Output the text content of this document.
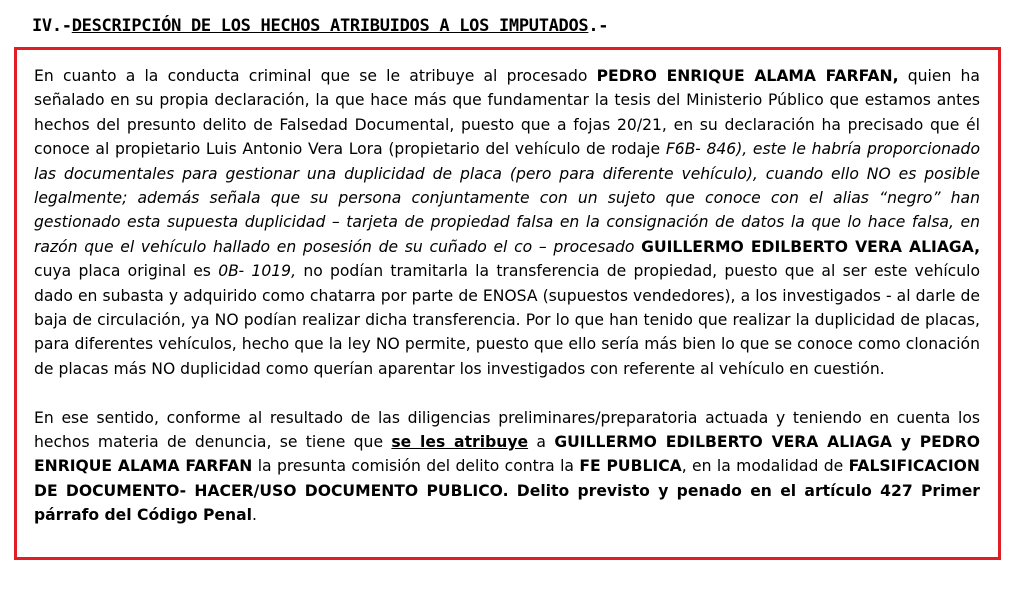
IV.-DESCRIPCIÓN DE LOS HECHOS ATRIBUIDOS A LOS IMPUTADOS.-

En cuanto a la conducta criminal que se le atribuye al procesado PEDRO ENRIQUE ALAMA FARFAN, quien ha señalado en su propia declaración, la que hace más que fundamentar la tesis del Ministerio Público que estamos antes hechos del presunto delito de Falsedad Documental, puesto que a fojas 20/21, en su declaración ha precisado que él conoce al propietario Luis Antonio Vera Lora (propietario del vehículo de rodaje F6B- 846), este le habría proporcionado las documentales para gestionar una duplicidad de placa (pero para diferente vehículo), cuando ello NO es posible legalmente; además señala que su persona conjuntamente con un sujeto que conoce con el alias “negro” han gestionado esta supuesta duplicidad – tarjeta de propiedad falsa en la consignación de datos la que lo hace falsa, en razón que el vehículo hallado en posesión de su cuñado el co – procesado GUILLERMO EDILBERTO VERA ALIAGA, cuya placa original es 0B- 1019, no podían tramitarla la transferencia de propiedad, puesto que al ser este vehículo dado en subasta y adquirido como chatarra por parte de ENOSA (supuestos vendedores), a los investigados - al darle de baja de circulación, ya NO podían realizar dicha transferencia. Por lo que han tenido que realizar la duplicidad de placas, para diferentes vehículos, hecho que la ley NO permite, puesto que ello sería más bien lo que se conoce como clonación de placas más NO duplicidad como querían aparentar los investigados con referente al vehículo en cuestión.

En ese sentido, conforme al resultado de las diligencias preliminares/preparatoria actuada y teniendo en cuenta los hechos materia de denuncia, se tiene que se les atribuye a GUILLERMO EDILBERTO VERA ALIAGA y PEDRO ENRIQUE ALAMA FARFAN la presunta comisión del delito contra la FE PUBLICA, en la modalidad de FALSIFICACION DE DOCUMENTO- HACER/USO DOCUMENTO PUBLICO. Delito previsto y penado en el artículo 427 Primer párrafo del Código Penal.
